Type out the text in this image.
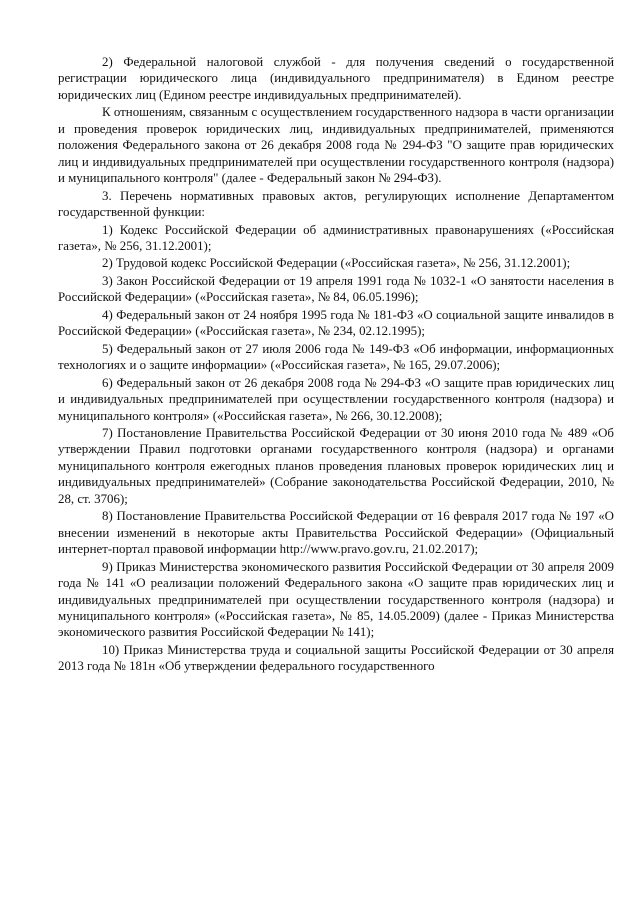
2) Федеральной налоговой службой - для получения сведений о государственной регистрации юридического лица (индивидуального предпринимателя) в Едином реестре юридических лиц (Едином реестре индивидуальных предпринимателей).

К отношениям, связанным с осуществлением государственного надзора в части организации и проведения проверок юридических лиц, индивидуальных предпринимателей, применяются положения Федерального закона от 26 декабря 2008 года № 294-ФЗ "О защите прав юридических лиц и индивидуальных предпринимателей при осуществлении государственного контроля (надзора) и муниципального контроля" (далее - Федеральный закон № 294-ФЗ).

3. Перечень нормативных правовых актов, регулирующих исполнение Департаментом государственной функции:

1) Кодекс Российской Федерации об административных правонарушениях («Российская газета», № 256, 31.12.2001);

2) Трудовой кодекс Российской Федерации («Российская газета», № 256, 31.12.2001);

3) Закон Российской Федерации от 19 апреля 1991 года № 1032-1 «О занятости населения в Российской Федерации» («Российская газета», № 84, 06.05.1996);

4) Федеральный закон от 24 ноября 1995 года № 181-ФЗ «О социальной защите инвалидов в Российской Федерации» («Российская газета», № 234, 02.12.1995);

5) Федеральный закон от 27 июля 2006 года № 149-ФЗ «Об информации, информационных технологиях и о защите информации» («Российская газета», № 165, 29.07.2006);

6) Федеральный закон от 26 декабря 2008 года № 294-ФЗ «О защите прав юридических лиц и индивидуальных предпринимателей при осуществлении государственного контроля (надзора) и муниципального контроля» («Российская газета», № 266, 30.12.2008);

7) Постановление Правительства Российской Федерации от 30 июня 2010 года № 489 «Об утверждении Правил подготовки органами государственного контроля (надзора) и органами муниципального контроля ежегодных планов проведения плановых проверок юридических лиц и индивидуальных предпринимателей» (Собрание законодательства Российской Федерации, 2010, № 28, ст. 3706);

8) Постановление Правительства Российской Федерации от 16 февраля 2017 года № 197 «О внесении изменений в некоторые акты Правительства Российской Федерации» (Официальный интернет-портал правовой информации http://www.pravo.gov.ru, 21.02.2017);

9) Приказ Министерства экономического развития Российской Федерации от 30 апреля 2009 года № 141 «О реализации положений Федерального закона «О защите прав юридических лиц и индивидуальных предпринимателей при осуществлении государственного контроля (надзора) и муниципального контроля» («Российская газета», № 85, 14.05.2009) (далее - Приказ Министерства экономического развития Российской Федерации № 141);

10) Приказ Министерства труда и социальной защиты Российской Федерации от 30 апреля 2013 года № 181н «Об утверждении федерального государственного
